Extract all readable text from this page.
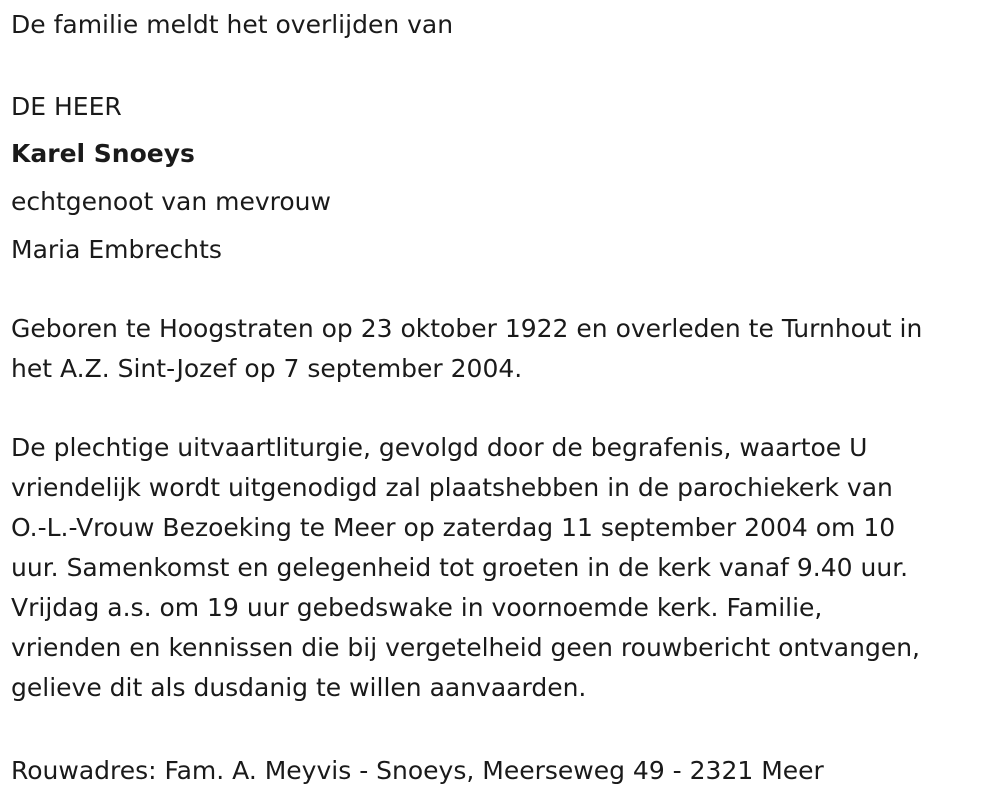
De familie meldt het overlijden van

DE HEER

Karel Snoeys

echtgenoot van mevrouw

Maria Embrechts

Geboren te Hoogstraten op 23 oktober 1922 en overleden te Turnhout in
het A.Z. Sint-Jozef op 7 september 2004.
De plechtige uitvaartliturgie, gevolgd door de begrafenis, waartoe U
vriendelijk wordt uitgenodigd zal plaatshebben in de parochiekerk van
O.-L.-Vrouw Bezoeking te Meer op zaterdag 11 september 2004 om 10
uur. Samenkomst en gelegenheid tot groeten in de kerk vanaf 9.40 uur.
Vrijdag a.s. om 19 uur gebedswake in voornoemde kerk. Familie,
vrienden en kennissen die bij vergetelheid geen rouwbericht ontvangen,
gelieve dit als dusdanig te willen aanvaarden.

Rouwadres: Fam. A. Meyvis - Snoeys, Meerseweg 49 - 2321 Meer
